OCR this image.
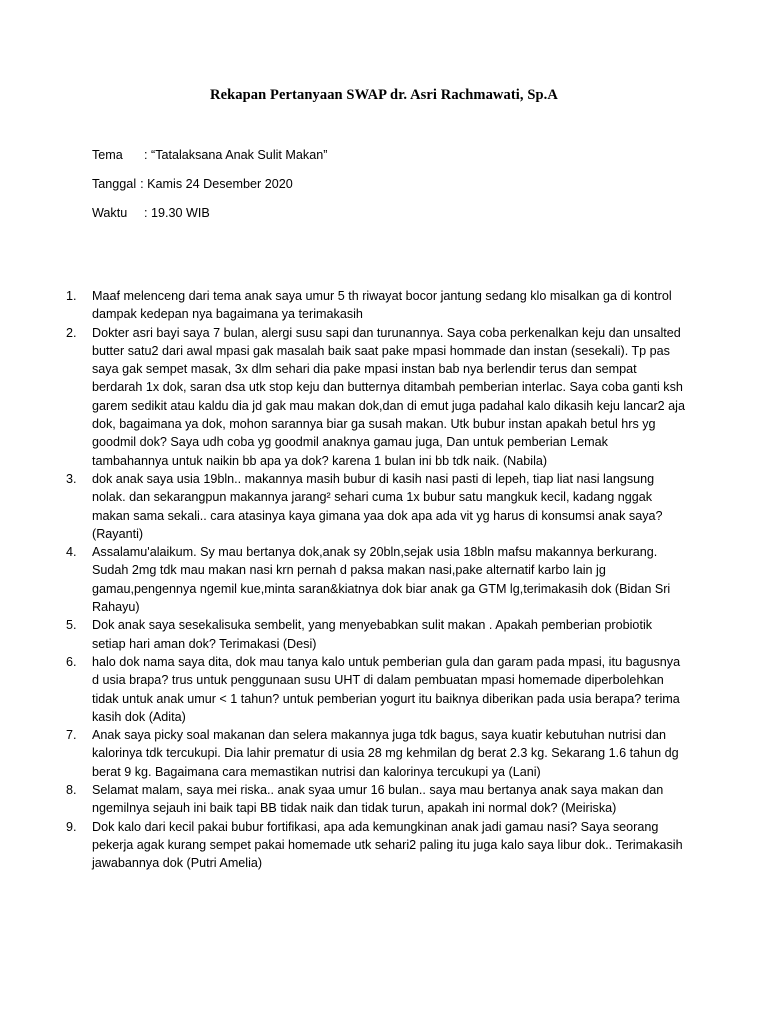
Rekapan Pertanyaan SWAP dr. Asri Rachmawati, Sp.A
Tema : “Tatalaksana Anak Sulit Makan”
Tanggal : Kamis 24 Desember 2020
Waktu : 19.30 WIB
1. Maaf melenceng dari tema anak saya umur 5 th riwayat bocor jantung sedang klo misalkan ga di kontrol dampak kedepan nya bagaimana ya terimakasih
2. Dokter asri bayi saya 7 bulan, alergi susu sapi dan turunannya. Saya coba perkenalkan keju dan unsalted butter satu2 dari awal mpasi gak masalah baik saat pake mpasi hommade dan instan (sesekali). Tp pas saya gak sempet masak, 3x dlm sehari dia pake mpasi instan bab nya berlendir terus dan sempat berdarah 1x dok, saran dsa utk stop keju dan butternya ditambah pemberian interlac. Saya coba ganti ksh garem sedikit atau kaldu dia jd gak mau makan dok,dan di emut juga padahal kalo dikasih keju lancar2 aja dok, bagaimana ya dok, mohon sarannya biar ga susah makan. Utk bubur instan apakah betul hrs yg goodmil dok? Saya udh coba yg goodmil anaknya gamau juga, Dan untuk pemberian Lemak tambahannya untuk naikin bb apa ya dok? karena 1 bulan ini bb tdk naik. (Nabila)
3. dok anak saya usia 19bln.. makannya masih bubur di kasih nasi pasti di lepeh, tiap liat nasi langsung nolak. dan sekarangpun makannya jarang² sehari cuma 1x bubur satu mangkuk kecil, kadang nggak makan sama sekali.. cara atasinya kaya gimana yaa dok apa ada vit yg harus di konsumsi anak saya? (Rayanti)
4. Assalamu'alaikum. Sy mau bertanya dok,anak sy 20bln,sejak usia 18bln mafsu makannya berkurang. Sudah 2mg tdk mau makan nasi krn pernah d paksa makan nasi,pake alternatif karbo lain jg gamau,pengennya ngemil kue,minta saran&kiatnya dok biar anak ga GTM lg,terimakasih dok (Bidan Sri Rahayu)
5. Dok anak saya sesekalisuka sembelit, yang menyebabkan sulit makan . Apakah pemberian probiotik setiap hari aman dok? Terimakasi (Desi)
6. halo dok nama saya dita, dok mau tanya kalo untuk pemberian gula dan garam pada mpasi, itu bagusnya d usia brapa? trus untuk penggunaan susu UHT di dalam pembuatan mpasi homemade diperbolehkan tidak untuk anak umur < 1 tahun? untuk pemberian yogurt itu baiknya diberikan pada usia berapa? terima kasih dok (Adita)
7. Anak saya picky soal makanan dan selera makannya juga tdk bagus, saya kuatir kebutuhan nutrisi dan kalorinya tdk tercukupi. Dia lahir prematur di usia 28 mg kehmilan dg berat 2.3 kg. Sekarang 1.6 tahun dg berat 9 kg. Bagaimana cara memastikan nutrisi dan kalorinya tercukupi ya (Lani)
8. Selamat malam, saya mei riska.. anak syaa umur 16 bulan.. saya mau bertanya anak saya makan dan ngemilnya sejauh ini baik tapi BB tidak naik dan tidak turun, apakah ini normal dok? (Meiriska)
9. Dok kalo dari kecil pakai bubur fortifikasi, apa ada kemungkinan anak jadi gamau nasi? Saya seorang pekerja agak kurang sempet pakai homemade utk sehari2 paling itu juga kalo saya libur dok.. Terimakasih jawabannya dok (Putri Amelia)
